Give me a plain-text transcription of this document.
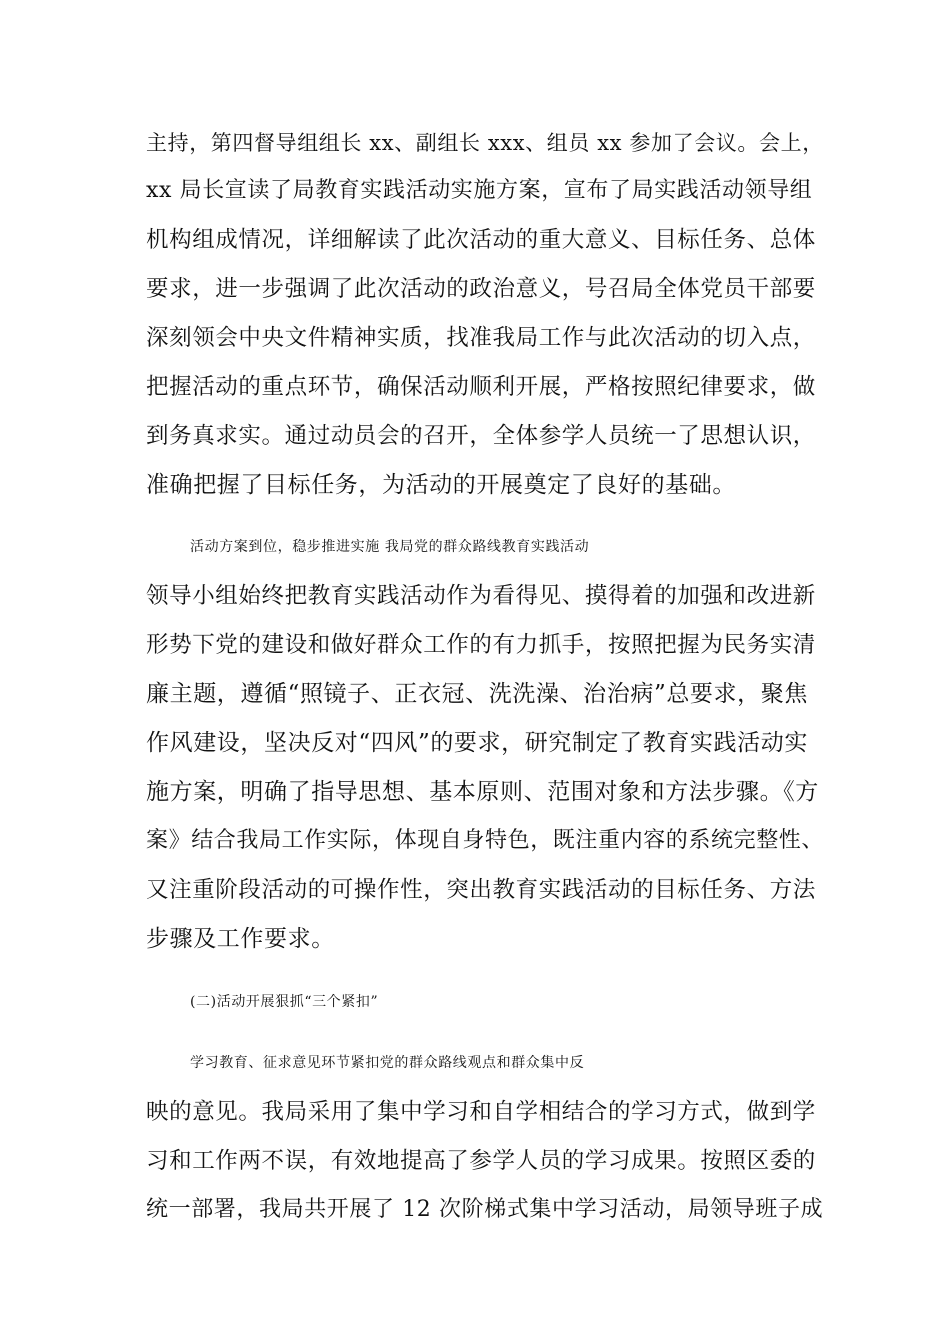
主持，第四督导组组长 xx、副组长 xxx、组员 xx 参加了会议。会上，
xx 局长宣读了局教育实践活动实施方案，宣布了局实践活动领导组
机构组成情况，详细解读了此次活动的重大意义、目标任务、总体
要求，进一步强调了此次活动的政治意义，号召局全体党员干部要
深刻领会中央文件精神实质，找准我局工作与此次活动的切入点，
把握活动的重点环节，确保活动顺利开展，严格按照纪律要求，做
到务真求实。通过动员会的召开，全体参学人员统一了思想认识，
准确把握了目标任务，为活动的开展奠定了良好的基础。
活动方案到位，稳步推进实施 我局党的群众路线教育实践活动
领导小组始终把教育实践活动作为看得见、摸得着的加强和改进新
形势下党的建设和做好群众工作的有力抓手，按照把握为民务实清
廉主题，遵循“照镜子、正衣冠、洗洗澡、治治病”总要求，聚焦
作风建设，坚决反对“四风”的要求，研究制定了教育实践活动实
施方案，明确了指导思想、基本原则、范围对象和方法步骤。《方
案》结合我局工作实际，体现自身特色，既注重内容的系统完整性、
又注重阶段活动的可操作性，突出教育实践活动的目标任务、方法
步骤及工作要求。
(二)活动开展狠抓“三个紧扣”
学习教育、征求意见环节紧扣党的群众路线观点和群众集中反
映的意见。我局采用了集中学习和自学相结合的学习方式，做到学
习和工作两不误，有效地提高了参学人员的学习成果。按照区委的
统一部署，我局共开展了 12 次阶梯式集中学习活动，局领导班子成
